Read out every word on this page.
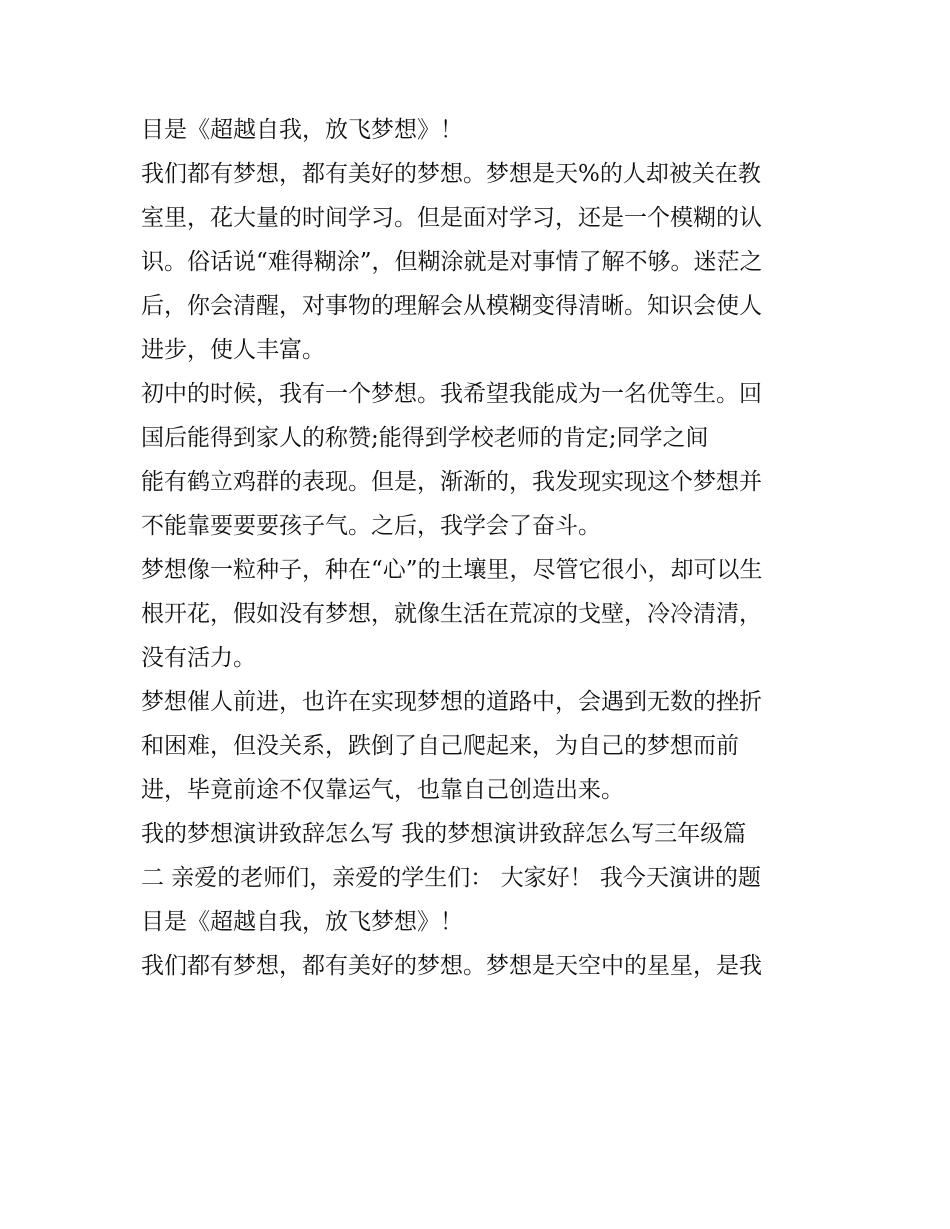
目是《超越自我，放飞梦想》！
我们都有梦想，都有美好的梦想。梦想是天%的人却被关在教
室里，花大量的时间学习。但是面对学习，还是一个模糊的认
识。俗话说“难得糊涂”，但糊涂就是对事情了解不够。迷茫之
后，你会清醒，对事物的理解会从模糊变得清晰。知识会使人
进步，使人丰富。
初中的时候，我有一个梦想。我希望我能成为一名优等生。回
国后能得到家人的称赞;能得到学校老师的肯定;同学之间
能有鹤立鸡群的表现。但是，渐渐的，我发现实现这个梦想并
不能靠要要要孩子气。之后，我学会了奋斗。
梦想像一粒种子，种在“心”的土壤里，尽管它很小，却可以生
根开花，假如没有梦想，就像生活在荒凉的戈壁，冷冷清清，
没有活力。
梦想催人前进，也许在实现梦想的道路中，会遇到无数的挫折
和困难，但没关系，跌倒了自己爬起来，为自己的梦想而前
进，毕竟前途不仅靠运气，也靠自己创造出来。
我的梦想演讲致辞怎么写 我的梦想演讲致辞怎么写三年级篇
二 亲爱的老师们，亲爱的学生们： 大家好！ 我今天演讲的题
目是《超越自我，放飞梦想》！
我们都有梦想，都有美好的梦想。梦想是天空中的星星，是我
